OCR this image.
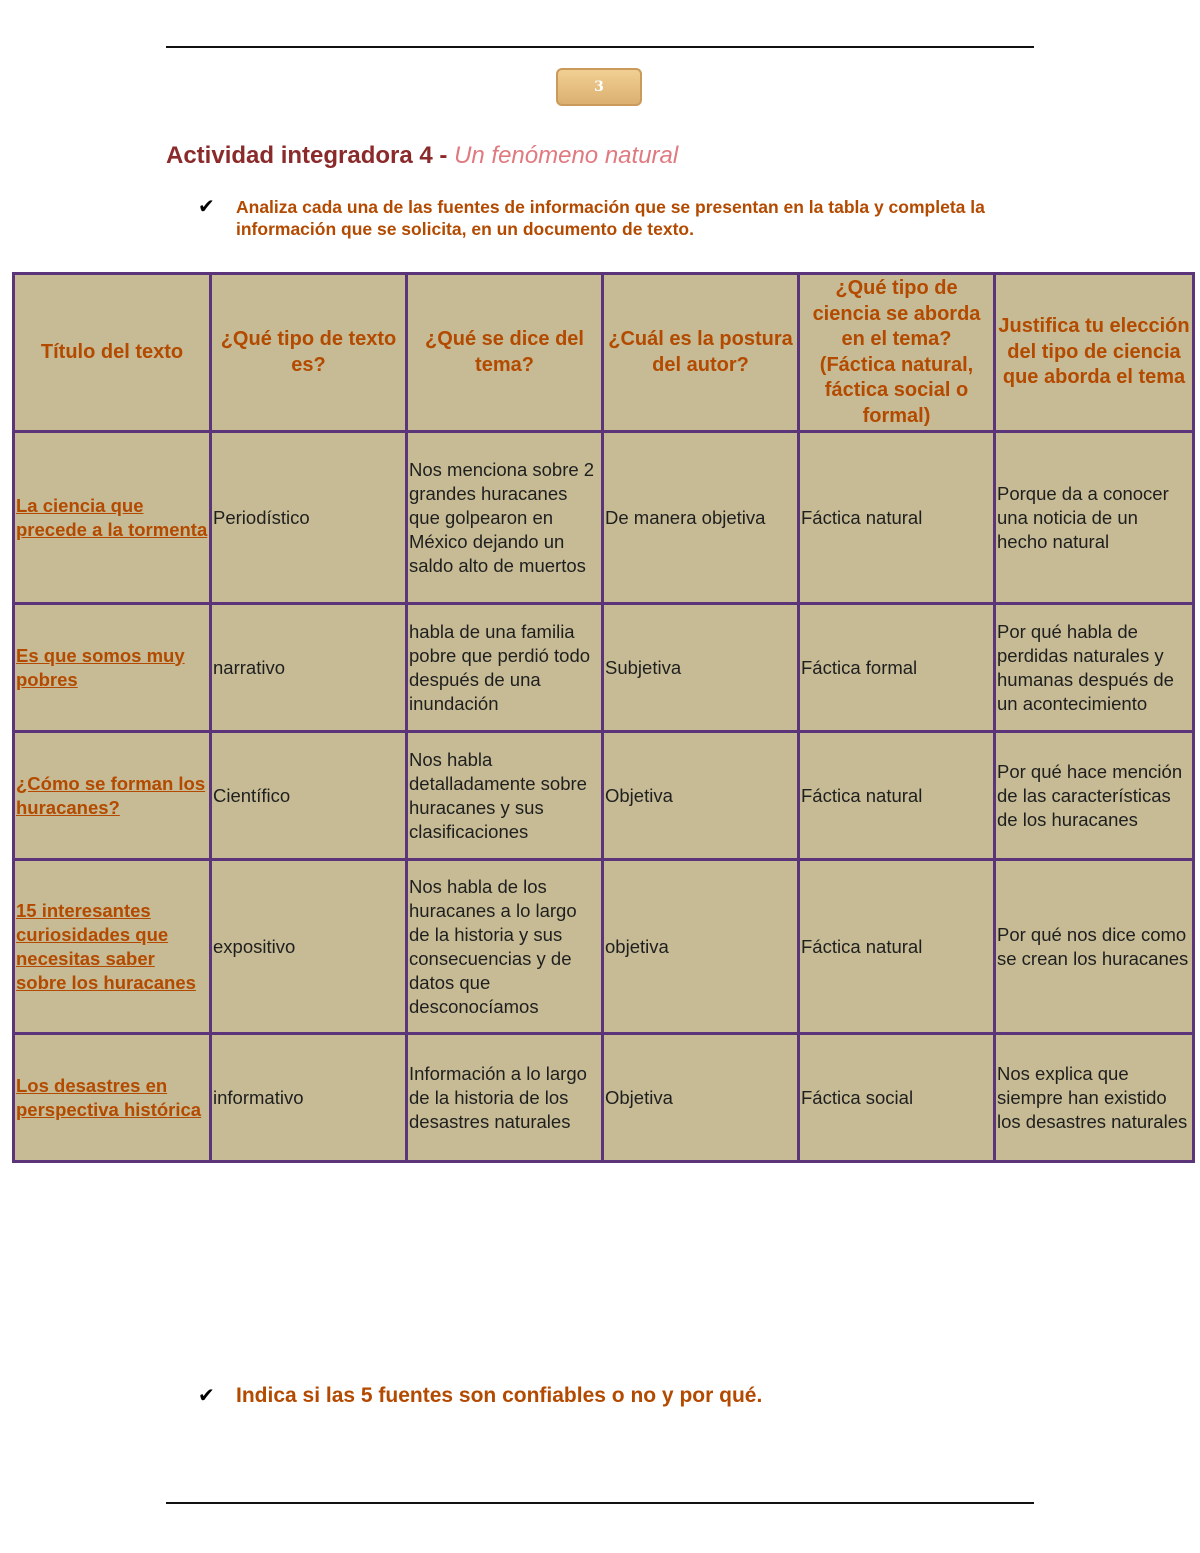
3
Actividad integradora 4 - Un fenómeno natural
✔	Analiza cada una de las fuentes de información que se presentan en la tabla y completa la información que se solicita, en un documento de texto.
Título del texto	¿Qué tipo de texto es?	¿Qué se dice del tema?	¿Cuál es la postura del autor?	¿Qué tipo de ciencia se aborda en el tema? (Fáctica natural, fáctica social o formal)	Justifica tu elección del tipo de ciencia que aborda el tema
La ciencia que precede a la tormenta	Periodístico	Nos menciona sobre 2 grandes huracanes que golpearon en México dejando un saldo alto de muertos	De manera objetiva	Fáctica natural	Porque da a conocer una noticia de un hecho natural
Es que somos muy pobres	narrativo	habla de una familia pobre que perdió todo después de una inundación	Subjetiva	Fáctica formal	Por qué habla de perdidas naturales y humanas después de un acontecimiento
¿Cómo se forman los huracanes?	Científico	Nos habla detalladamente sobre huracanes y sus clasificaciones	Objetiva	Fáctica natural	Por qué hace mención de las características de los huracanes
15 interesantes curiosidades que necesitas saber sobre los huracanes	expositivo	Nos habla de los huracanes a lo largo de la historia y sus consecuencias y de datos que desconocíamos	objetiva	Fáctica natural	Por qué nos dice como se crean los huracanes
Los desastres en perspectiva histórica	informativo	Información a lo largo de la historia de los desastres naturales	Objetiva	Fáctica social	Nos explica que siempre han existido los desastres naturales
✔	Indica si las 5 fuentes son confiables o no y por qué.
